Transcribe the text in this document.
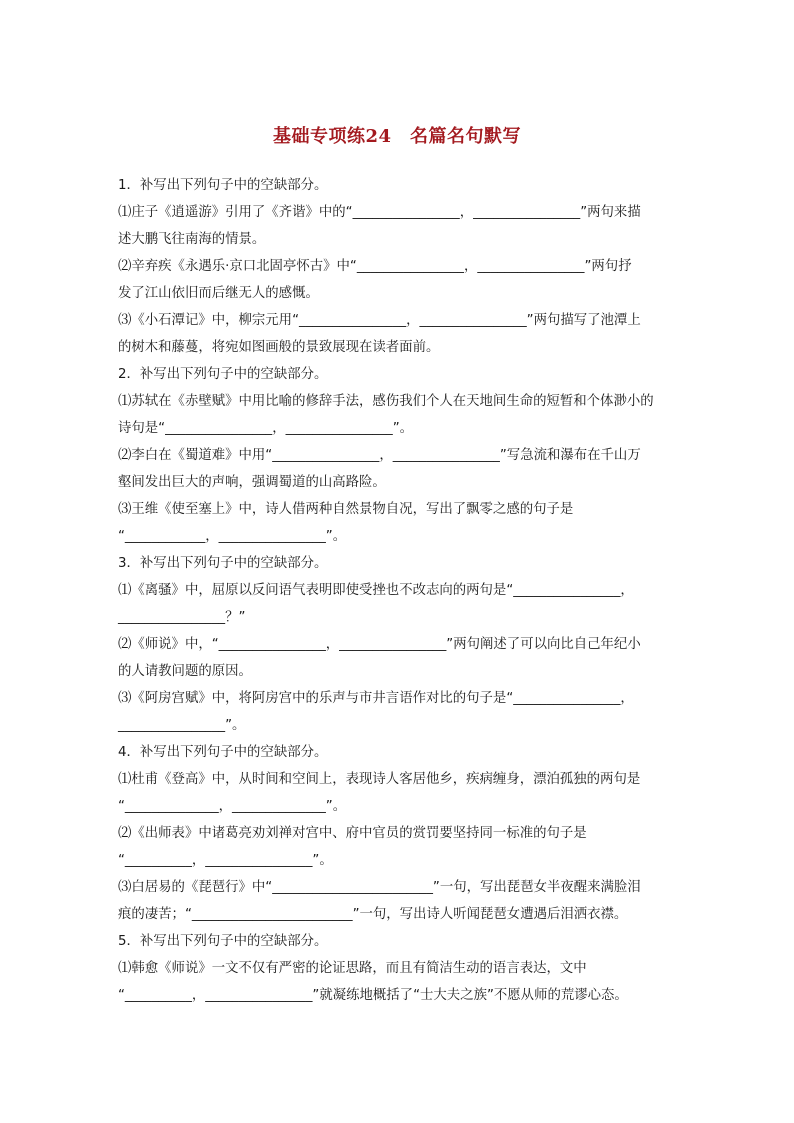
基础专项练24　名篇名句默写
1．补写出下列句子中的空缺部分。
⑴庄子《逍遥游》引用了《齐谐》中的“________________，________________”两句来描
述大鹏飞往南海的情景。
⑵辛弃疾《永遇乐·京口北固亭怀古》中“________________，________________”两句抒
发了江山依旧而后继无人的感慨。
⑶《小石潭记》中，柳宗元用“________________，________________”两句描写了池潭上
的树木和藤蔓，将宛如图画般的景致展现在读者面前。
2．补写出下列句子中的空缺部分。
⑴苏轼在《赤壁赋》中用比喻的修辞手法，感伤我们个人在天地间生命的短暂和个体渺小的
诗句是“________________，________________”。
⑵李白在《蜀道难》中用“________________，________________”写急流和瀑布在千山万
壑间发出巨大的声响，强调蜀道的山高路险。
⑶王维《使至塞上》中，诗人借两种自然景物自况，写出了飘零之感的句子是
“____________，________________”。
3．补写出下列句子中的空缺部分。
⑴《离骚》中，屈原以反问语气表明即使受挫也不改志向的两句是“________________，
________________？”
⑵《师说》中，“________________，________________”两句阐述了可以向比自己年纪小
的人请教问题的原因。
⑶《阿房宫赋》中，将阿房宫中的乐声与市井言语作对比的句子是“________________，
________________”。
4．补写出下列句子中的空缺部分。
⑴杜甫《登高》中，从时间和空间上，表现诗人客居他乡，疾病缠身，漂泊孤独的两句是
“______________，______________”。
⑵《出师表》中诸葛亮劝刘禅对宫中、府中官员的赏罚要坚持同一标准的句子是
“__________，________________”。
⑶白居易的《琵琶行》中“________________________”一句，写出琵琶女半夜醒来满脸泪
痕的凄苦；“________________________”一句，写出诗人听闻琵琶女遭遇后泪洒衣襟。
5．补写出下列句子中的空缺部分。
⑴韩愈《师说》一文不仅有严密的论证思路，而且有简洁生动的语言表达，文中
“__________，________________”就凝练地概括了“士大夫之族”不愿从师的荒谬心态。
